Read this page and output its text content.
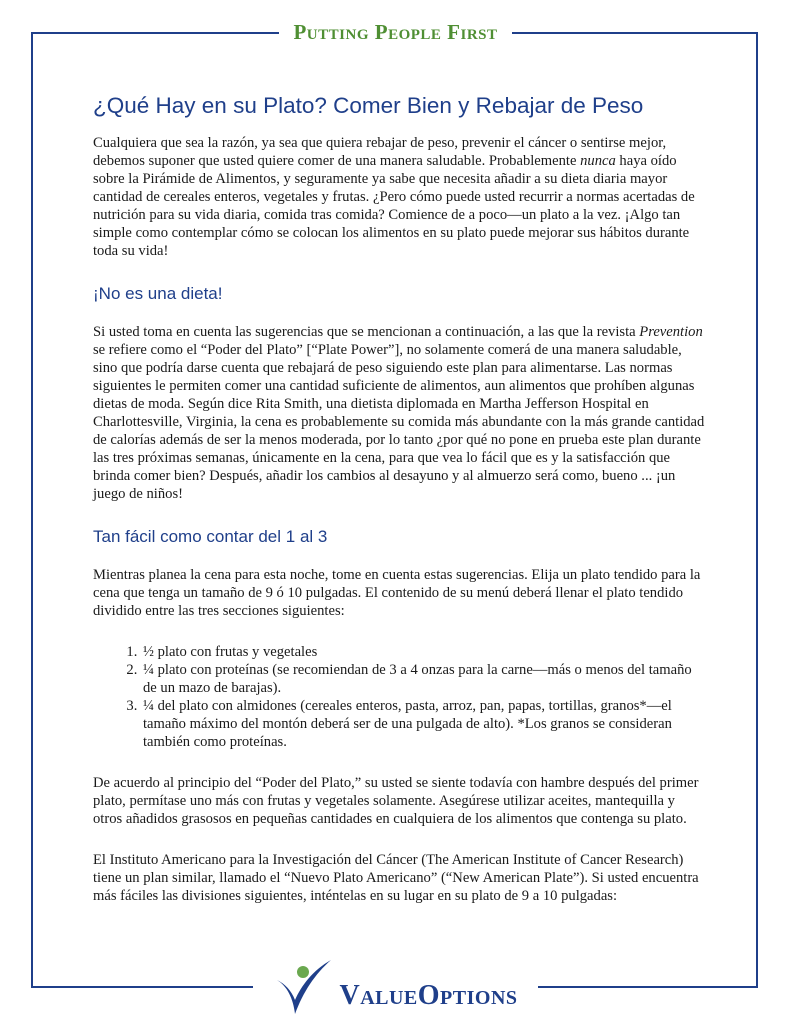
Putting People First
¿Qué Hay en su Plato? Comer Bien y Rebajar de Peso

Cualquiera que sea la razón, ya sea que quiera rebajar de peso, prevenir el cáncer o sentirse mejor, debemos suponer que usted quiere comer de una manera saludable. Probablemente nunca haya oído sobre la Pirámide de Alimentos, y seguramente ya sabe que necesita añadir a su dieta diaria mayor cantidad de cereales enteros, vegetales y frutas. ¿Pero cómo puede usted recurrir a normas acertadas de nutrición para su vida diaria, comida tras comida? Comience de a poco—un plato a la vez. ¡Algo tan simple como contemplar cómo se colocan los alimentos en su plato puede mejorar sus hábitos durante toda su vida!

¡No es una dieta!

Si usted toma en cuenta las sugerencias que se mencionan a continuación, a las que la revista Prevention se refiere como el “Poder del Plato” [“Plate Power”], no solamente comerá de una manera saludable, sino que podría darse cuenta que rebajará de peso siguiendo este plan para alimentarse. Las normas siguientes le permiten comer una cantidad suficiente de alimentos, aun alimentos que prohíben algunas dietas de moda. Según dice Rita Smith, una dietista diplomada en Martha Jefferson Hospital en Charlottesville, Virginia, la cena es probablemente su comida más abundante con la más grande cantidad de calorías además de ser la menos moderada, por lo tanto ¿por qué no pone en prueba este plan durante las tres próximas semanas, únicamente en la cena, para que vea lo fácil que es y la satisfacción que brinda comer bien? Después, añadir los cambios al desayuno y al almuerzo será como, bueno ... ¡un juego de niños!

Tan fácil como contar del 1 al 3

Mientras planea la cena para esta noche, tome en cuenta estas sugerencias. Elija un plato tendido para la cena que tenga un tamaño de 9 ó 10 pulgadas. El contenido de su menú deberá llenar el plato tendido dividido entre las tres secciones siguientes:

1. ½ plato con frutas y vegetales
2. ¼ plato con proteínas (se recomiendan de 3 a 4 onzas para la carne—más o menos del tamaño de un mazo de barajas).
3. ¼ del plato con almidones (cereales enteros, pasta, arroz, pan, papas, tortillas, granos*—el tamaño máximo del montón deberá ser de una pulgada de alto). *Los granos se consideran también como proteínas.

De acuerdo al principio del “Poder del Plato,” su usted se siente todavía con hambre después del primer plato, permítase uno más con frutas y vegetales solamente. Asegúrese utilizar aceites, mantequilla y otros añadidos grasosos en pequeñas cantidades en cualquiera de los alimentos que contenga su plato.

El Instituto Americano para la Investigación del Cáncer (The American Institute of Cancer Research) tiene un plan similar, llamado el “Nuevo Plato Americano” (“New American Plate”). Si usted encuentra más fáciles las divisiones siguientes, inténtelas en su lugar en su plato de 9 a 10 pulgadas:

ValueOptions
